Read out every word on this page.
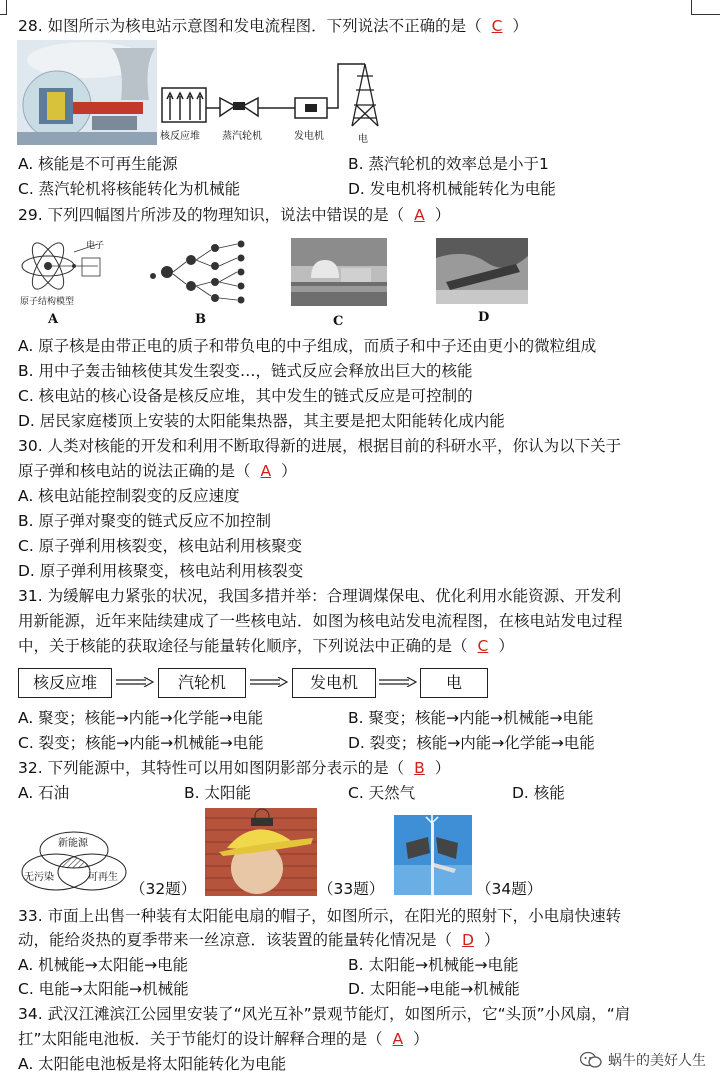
28. 如图所示为核电站示意图和发电流程图．下列说法不正确的是（ C ）
核反应堆 蒸汽轮机	发电机	电
A. 核能是不可再生能源	B. 蒸汽轮机的效率总是小于1
C. 蒸汽轮机将核能转化为机械能	D. 发电机将机械能转化为电能
29. 下列四幅图片所涉及的物理知识，说法中错误的是（ A ）
电子
原子结构模型
A	B	C	D
A. 原子核是由带正电的质子和带负电的中子组成，而质子和中子还由更小的微粒组成
B. 用中子轰击铀核使其发生裂变…，链式反应会释放出巨大的核能
C. 核电站的核心设备是核反应堆，其中发生的链式反应是可控制的
D. 居民家庭楼顶上安装的太阳能集热器，其主要是把太阳能转化成内能
30. 人类对核能的开发和利用不断取得新的进展，根据目前的科研水平，你认为以下关于
原子弹和核电站的说法正确的是（ A ）
A. 核电站能控制裂变的反应速度
B. 原子弹对聚变的链式反应不加控制
C. 原子弹利用核裂变，核电站利用核聚变
D. 原子弹利用核聚变，核电站利用核裂变
31. 为缓解电力紧张的状况，我国多措并举：合理调煤保电、优化利用水能资源、开发利
用新能源，近年来陆续建成了一些核电站．如图为核电站发电流程图，在核电站发电过程
中，关于核能的获取途径与能量转化顺序，下列说法中正确的是（ C ）
核反应堆	汽轮机	发电机	电
A. 聚变；核能→内能→化学能→电能	B. 聚变；核能→内能→机械能→电能
C. 裂变；核能→内能→机械能→电能	D. 裂变；核能→内能→化学能→电能
32. 下列能源中，其特性可以用如图阴影部分表示的是（ B ）
A. 石油	B. 太阳能	C. 天然气	D. 核能
新能源
无污染	可再生
（32题）	（33题）	（34题）
33. 市面上出售一种装有太阳能电扇的帽子，如图所示，在阳光的照射下，小电扇快速转
动，能给炎热的夏季带来一丝凉意．该装置的能量转化情况是（ D ）
A. 机械能→太阳能→电能	B. 太阳能→机械能→电能
C. 电能→太阳能→机械能	D. 太阳能→电能→机械能
34. 武汉江滩滨江公园里安装了“风光互补”景观节能灯，如图所示，它“头顶”小风扇，“肩
扛”太阳能电池板．关于节能灯的设计解释合理的是（ A ）
A. 太阳能电池板是将太阳能转化为电能	蜗牛的美好人生
